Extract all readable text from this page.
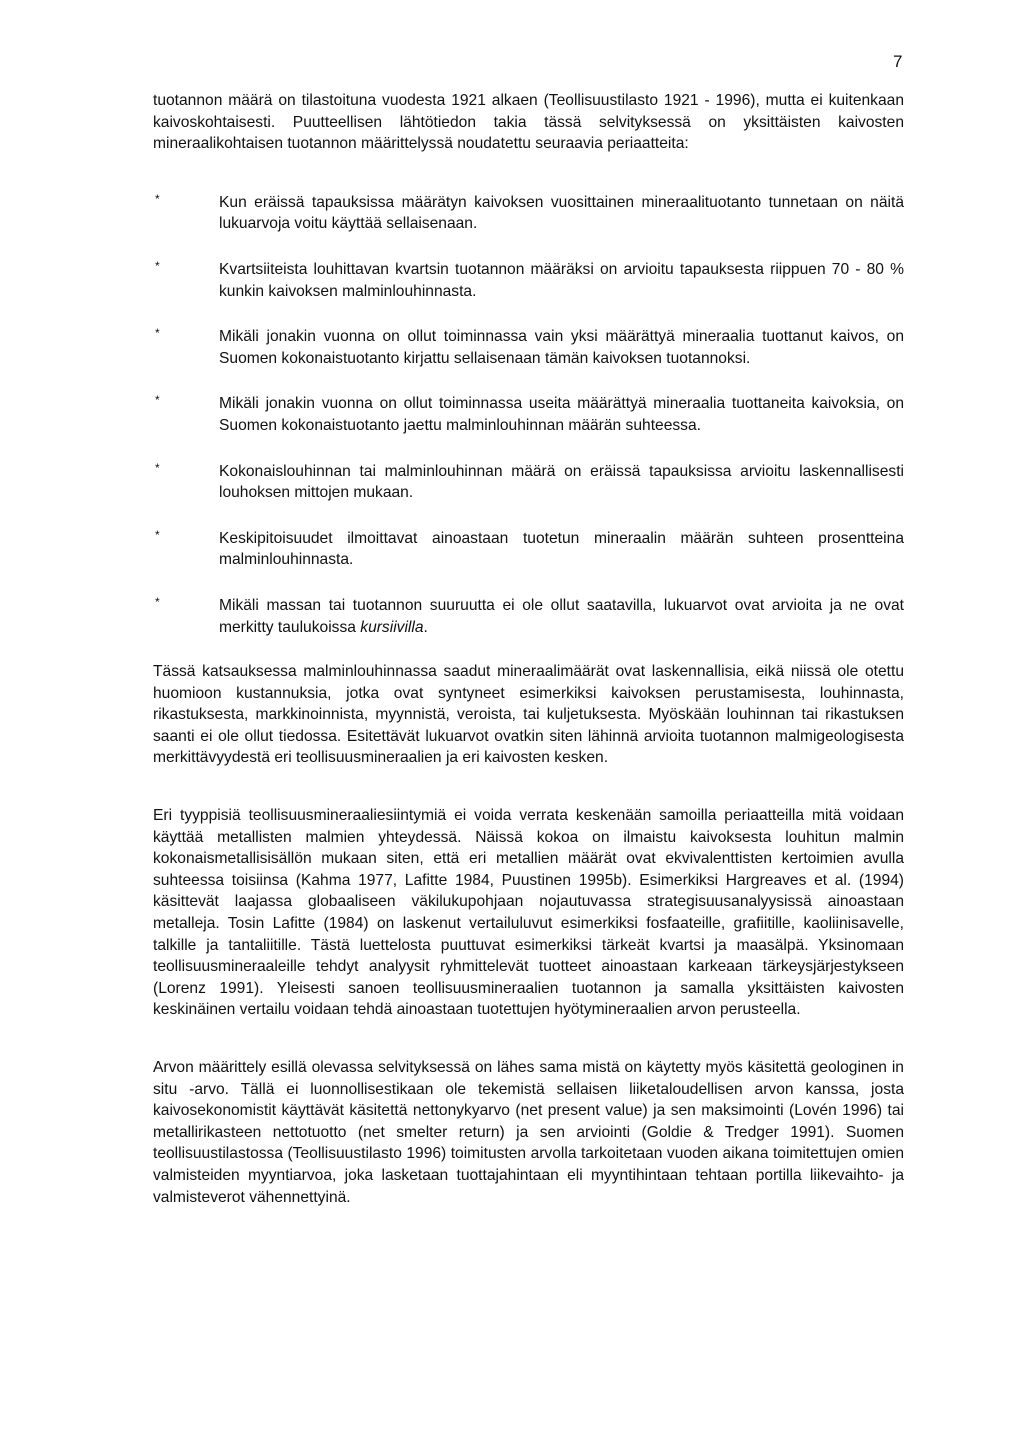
7

tuotannon määrä on tilastoituna vuodesta 1921 alkaen (Teollisuustilasto 1921 - 1996), mutta ei kuitenkaan kaivoskohtaisesti. Puutteellisen lähtötiedon takia tässä selvityksessä on yksittäisten kaivosten mineraalikohtaisen tuotannon määrittelyssä noudatettu seuraavia periaatteita:

*	Kun eräissä tapauksissa määrätyn kaivoksen vuosittainen mineraalituotanto tunnetaan on näitä lukuarvoja voitu käyttää sellaisenaan.
*	Kvartsiiteista louhittavan kvartsin tuotannon määräksi on arvioitu tapauksesta riippuen 70 - 80 % kunkin kaivoksen malminlouhinnasta.
*	Mikäli jonakin vuonna on ollut toiminnassa vain yksi määrättyä mineraalia tuottanut kaivos, on Suomen kokonaistuotanto kirjattu sellaisenaan tämän kaivoksen tuotannoksi.
*	Mikäli jonakin vuonna on ollut toiminnassa useita määrättyä mineraalia tuottaneita kaivoksia, on Suomen kokonaistuotanto jaettu malminlouhinnan määrän suhteessa.
*	Kokonaislouhinnan tai malminlouhinnan määrä on eräissä tapauksissa arvioitu laskennallisesti louhoksen mittojen mukaan.
*	Keskipitoisuudet ilmoittavat ainoastaan tuotetun mineraalin määrän suhteen prosentteina malminlouhinnasta.
*	Mikäli massan tai tuotannon suuruutta ei ole ollut saatavilla, lukuarvot ovat arvioita ja ne ovat merkitty taulukoissa kursiivilla.

Tässä katsauksessa malminlouhinnassa saadut mineraalimäärät ovat laskennallisia, eikä niissä ole otettu huomioon kustannuksia, jotka ovat syntyneet esimerkiksi kaivoksen perustamisesta, louhinnasta, rikastuksesta, markkinoinnista, myynnistä, veroista, tai kuljetuksesta. Myöskään louhinnan tai rikastuksen saanti ei ole ollut tiedossa. Esitettävät lukuarvot ovatkin siten lähinnä arvioita tuotannon malmigeologisesta merkittävyydestä eri teollisuusmineraalien ja eri kaivosten kesken.

Eri tyyppisiä teollisuusmineraaliesiintymiä ei voida verrata keskenään samoilla periaatteilla mitä voidaan käyttää metallisten malmien yhteydessä. Näissä kokoa on ilmaistu kaivoksesta louhitun malmin kokonaismetallisisällön mukaan siten, että eri metallien määrät ovat ekvivalenttisten kertoimien avulla suhteessa toisiinsa (Kahma 1977, Lafitte 1984, Puustinen 1995b). Esimerkiksi Hargreaves et al. (1994) käsittevät laajassa globaaliseen väkilukupohjaan nojautuvassa strategisuusanalyysissä ainoastaan metalleja. Tosin Lafitte (1984) on laskenut vertailuluvut esimerkiksi fosfaateille, grafiitille, kaoliinisavelle, talkille ja tantaliitille. Tästä luettelosta puuttuvat esimerkiksi tärkeät kvartsi ja maasälpä. Yksinomaan teollisuusmineraaleille tehdyt analyysit ryhmittelevät tuotteet ainoastaan karkeaan tärkeysjärjestykseen (Lorenz 1991). Yleisesti sanoen teollisuusmineraalien tuotannon ja samalla yksittäisten kaivosten keskinäinen vertailu voidaan tehdä ainoastaan tuotettujen hyötymineraalien arvon perusteella.

Arvon määrittely esillä olevassa selvityksessä on lähes sama mistä on käytetty myös käsitettä geologinen in situ -arvo. Tällä ei luonnollisestikaan ole tekemistä sellaisen liiketaloudellisen arvon kanssa, josta kaivosekonomistit käyttävät käsitettä nettonykyarvo (net present value) ja sen maksimointi (Lovén 1996) tai metallirikasteen nettotuotto (net smelter return) ja sen arviointi (Goldie & Tredger 1991). Suomen teollisuustilastossa (Teollisuustilasto 1996) toimitusten arvolla tarkoitetaan vuoden aikana toimitettujen omien valmisteiden myyntiarvoa, joka lasketaan tuottajahintaan eli myyntihintaan tehtaan portilla liikevaihto- ja valmisteverot vähennettyinä.
